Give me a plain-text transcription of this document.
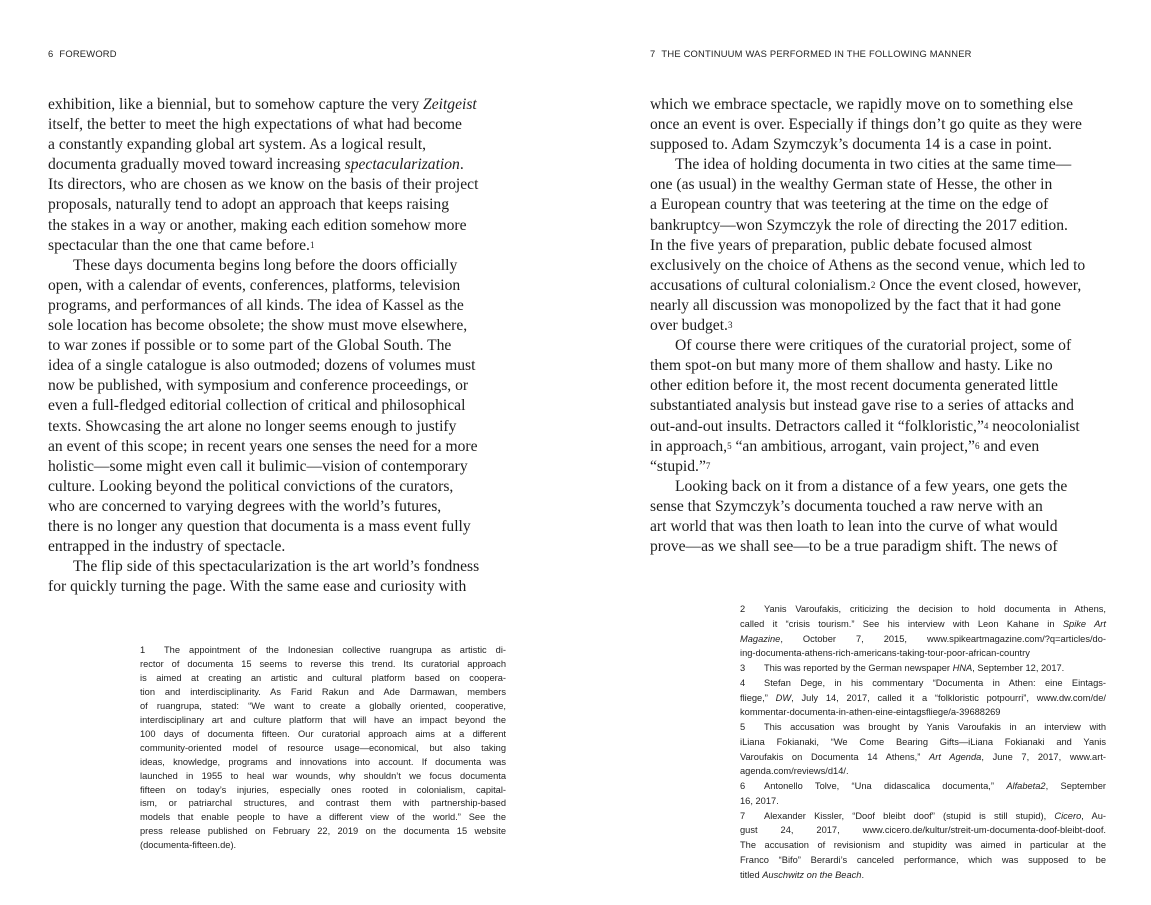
6 FOREWORD	7 THE CONTINUUM WAS PERFORMED IN THE FOLLOWING MANNER
exhibition, like a biennial, but to somehow capture the very Zeitgeist
itself, the better to meet the high expectations of what had become
a constantly expanding global art system. As a logical result,
documenta gradually moved toward increasing spectacularization.
Its directors, who are chosen as we know on the basis of their project
proposals, naturally tend to adopt an approach that keeps raising
the stakes in a way or another, making each edition somehow more
spectacular than the one that came before.$^1$
These days documenta begins long before the doors officially
open, with a calendar of events, conferences, platforms, television
programs, and performances of all kinds. The idea of Kassel as the
sole location has become obsolete; the show must move elsewhere,
to war zones if possible or to some part of the Global South. The
idea of a single catalogue is also outmoded; dozens of volumes must
now be published, with symposium and conference proceedings, or
even a full-fledged editorial collection of critical and philosophical
texts. Showcasing the art alone no longer seems enough to justify
an event of this scope; in recent years one senses the need for a more
holistic—some might even call it bulimic—vision of contemporary
culture. Looking beyond the political convictions of the curators,
who are concerned to varying degrees with the world’s futures,
there is no longer any question that documenta is a mass event fully
entrapped in the industry of spectacle.
The flip side of this spectacularization is the art world’s fondness
for quickly turning the page. With the same ease and curiosity with
which we embrace spectacle, we rapidly move on to something else
once an event is over. Especially if things don’t go quite as they were
supposed to. Adam Szymczyk’s documenta 14 is a case in point.
The idea of holding documenta in two cities at the same time—
one (as usual) in the wealthy German state of Hesse, the other in
a European country that was teetering at the time on the edge of
bankruptcy—won Szymczyk the role of directing the 2017 edition.
In the five years of preparation, public debate focused almost
exclusively on the choice of Athens as the second venue, which led to
accusations of cultural colonialism.$^2$ Once the event closed, however,
nearly all discussion was monopolized by the fact that it had gone
over budget.$^3$
Of course there were critiques of the curatorial project, some of
them spot-on but many more of them shallow and hasty. Like no
other edition before it, the most recent documenta generated little
substantiated analysis but instead gave rise to a series of attacks and
out-and-out insults. Detractors called it “folkloristic,”$^4$ neocolonialist
in approach,$^5$ “an ambitious, arrogant, vain project,”$^6$ and even
“stupid.”$^7$
Looking back on it from a distance of a few years, one gets the
sense that Szymczyk’s documenta touched a raw nerve with an
art world that was then loath to lean into the curve of what would
prove—as we shall see—to be a true paradigm shift. The news of
1 The appointment of the Indonesian collective ruangrupa as artistic di-
rector of documenta 15 seems to reverse this trend. Its curatorial approach
is aimed at creating an artistic and cultural platform based on coopera-
tion and interdisciplinarity. As Farid Rakun and Ade Darmawan, members
of ruangrupa, stated: “We want to create a globally oriented, cooperative,
interdisciplinary art and culture platform that will have an impact beyond the
100 days of documenta fifteen. Our curatorial approach aims at a different
community-oriented model of resource usage—economical, but also taking
ideas, knowledge, programs and innovations into account. If documenta was
launched in 1955 to heal war wounds, why shouldn’t we focus documenta
fifteen on today’s injuries, especially ones rooted in colonialism, capital-
ism, or patriarchal structures, and contrast them with partnership-based
models that enable people to have a different view of the world.” See the
press release published on February 22, 2019 on the documenta 15 website
(documenta-fifteen.de).
2 Yanis Varoufakis, criticizing the decision to hold documenta in Athens,
called it “crisis tourism.” See his interview with Leon Kahane in Spike Art
Magazine, October 7, 2015, www.spikeartmagazine.com/?q=articles/do-
ing-documenta-athens-rich-americans-taking-tour-poor-african-country
3 This was reported by the German newspaper HNA, September 12, 2017.
4 Stefan Dege, in his commentary “Documenta in Athen: eine Eintags-
fliege,” DW, July 14, 2017, called it a “folkloristic potpourri”, www.dw.com/de/
kommentar-documenta-in-athen-eine-eintagsfliege/a-39688269
5 This accusation was brought by Yanis Varoufakis in an interview with
iLiana Fokianaki, “We Come Bearing Gifts—iLiana Fokianaki and Yanis
Varoufakis on Documenta 14 Athens,” Art Agenda, June 7, 2017, www.art-
agenda.com/reviews/d14/.
6 Antonello Tolve, “Una didascalica documenta,” Alfabeta2, September
16, 2017.
7 Alexander Kissler, “Doof bleibt doof” (stupid is still stupid), Cicero, Au-
gust 24, 2017, www.cicero.de/kultur/streit-um-documenta-doof-bleibt-doof.
The accusation of revisionism and stupidity was aimed in particular at the
Franco “Bifo” Berardi’s canceled performance, which was supposed to be
titled Auschwitz on the Beach.
